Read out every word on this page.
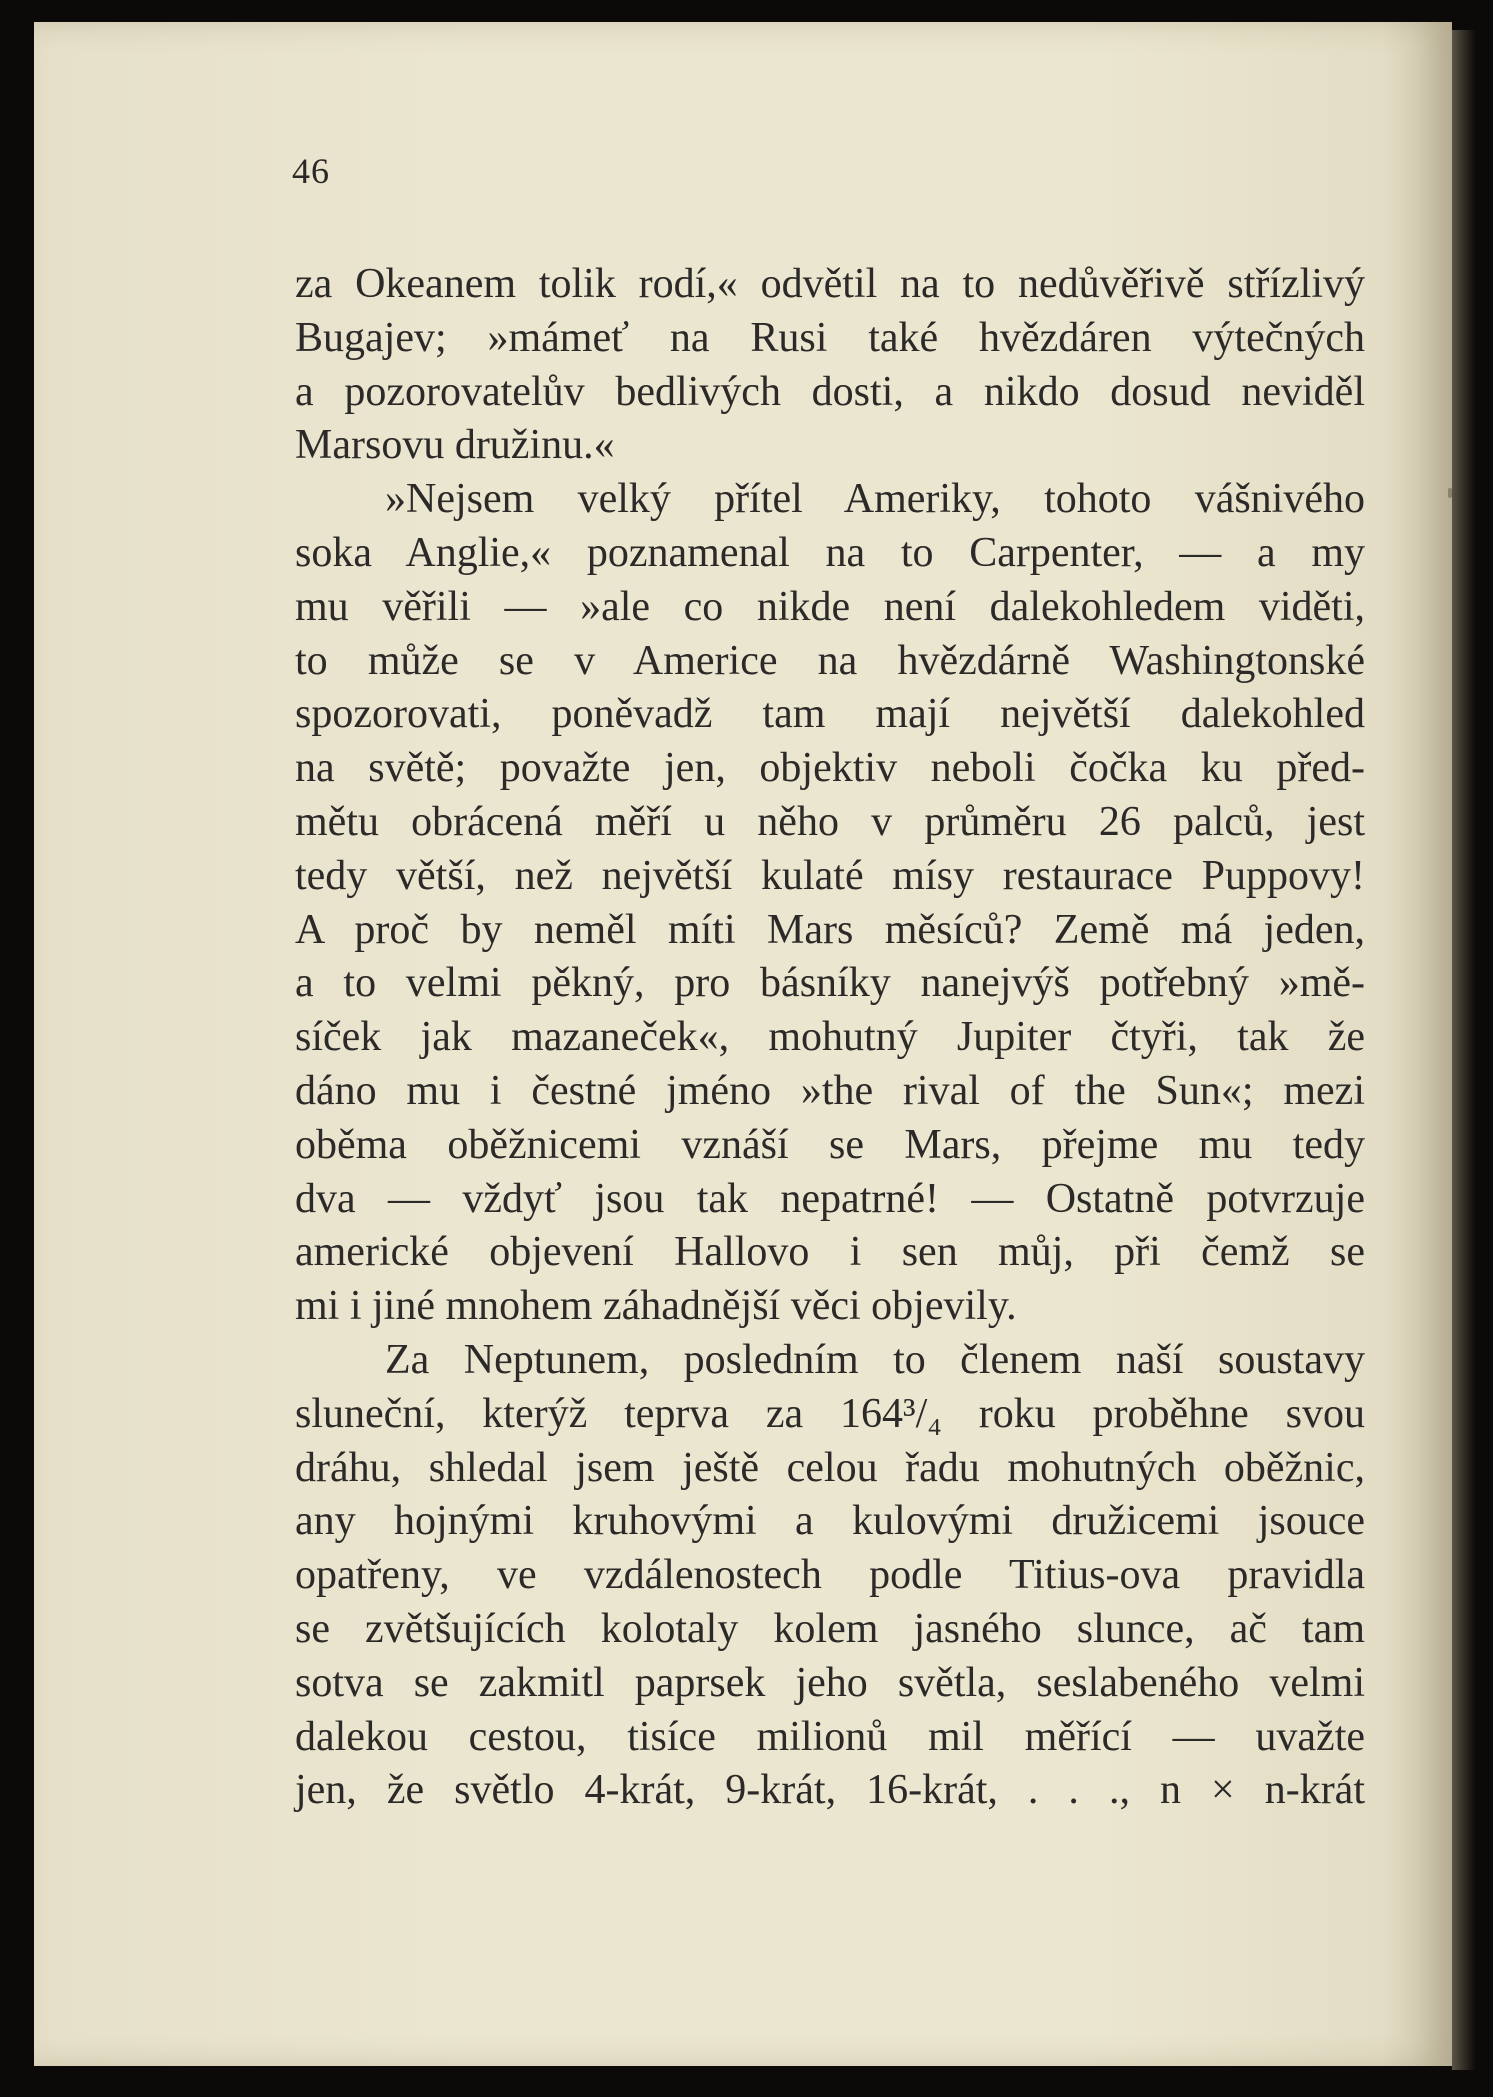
46

za Okeanem tolik rodí,« odvětil na to nedůvěřivě střízlivý
Bugajev; »mámeť na Rusi také hvězdáren výtečných
a pozorovatelův bedlivých dosti, a nikdo dosud neviděl
Marsovu družinu.«
»Nejsem velký přítel Ameriky, tohoto vášnivého
soka Anglie,« poznamenal na to Carpenter, — a my
mu věřili — »ale co nikde není dalekohledem viděti,
to může se v Americe na hvězdárně Washingtonské
spozorovati, poněvadž tam mají největší dalekohled
na světě; považte jen, objektiv neboli čočka ku před-
mětu obrácená měří u něho v průměru 26 palců, jest
tedy větší, než největší kulaté mísy restaurace Puppovy!
A proč by neměl míti Mars měsíců? Země má jeden,
a to velmi pěkný, pro básníky nanejvýš potřebný »mě-
síček jak mazaneček«, mohutný Jupiter čtyři, tak že
dáno mu i čestné jméno »the rival of the Sun«; mezi
oběma oběžnicemi vznáší se Mars, přejme mu tedy
dva — vždyť jsou tak nepatrné! — Ostatně potvrzuje
americké objevení Hallovo i sen můj, při čemž se
mi i jiné mnohem záhadnější věci objevily.
Za Neptunem, posledním to členem naší soustavy
sluneční, kterýž teprva za 164³/₄ roku proběhne svou
dráhu, shledal jsem ještě celou řadu mohutných oběžnic,
any hojnými kruhovými a kulovými družicemi jsouce
opatřeny, ve vzdálenostech podle Titius-ova pravidla
se zvětšujících kolotaly kolem jasného slunce, ač tam
sotva se zakmitl paprsek jeho světla, seslabeného velmi
dalekou cestou, tisíce milionů mil měřící — uvažte
jen, že světlo 4-krát, 9-krát, 16-krát, . . ., n × n-krát
